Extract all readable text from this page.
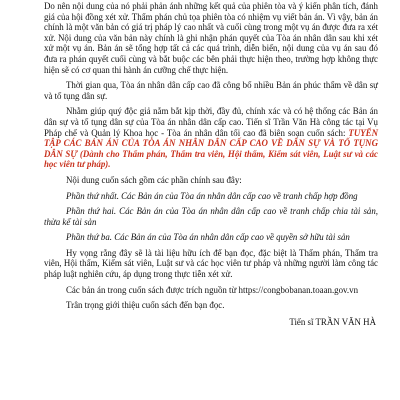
Do nên nội dung của nó phải phản ánh những kết quả của phiên tòa và ý kiến phân tích, đánh giá của hội đồng xét xử. Thẩm phán chủ tọa phiên tòa có nhiệm vụ viết bản án. Vì vậy, bản án chính là một văn bản có giá trị pháp lý cao nhất và cuối cùng trong một vụ án được đưa ra xét xử. Nội dung của văn bản này chính là ghi nhận phán quyết của Tòa án nhân dân sau khi xét xử một vụ án. Bản án sẽ tổng hợp tất cả các quá trình, diễn biến, nội dung của vụ án sau đó đưa ra phán quyết cuối cùng và bắt buộc các bên phải thực hiện theo, trường hợp không thực hiện sẽ có cơ quan thi hành án cưỡng chế thực hiện.

Thời gian qua, Tòa án nhân dân cấp cao đã công bố nhiều Bản án phúc thẩm về dân sự và tố tụng dân sự.

Nhằm giúp quý độc giả nắm bắt kịp thời, đầy đủ, chính xác và có hệ thống các Bản án dân sự và tố tụng dân sự của Tòa án nhân dân cấp cao. Tiến sĩ Trần Văn Hà công tác tại Vụ Pháp chế và Quản lý Khoa học - Tòa án nhân dân tối cao đã biên soạn cuốn sách: TUYỂN TẬP CÁC BẢN ÁN CỦA TÒA ÁN NHÂN DÂN CẤP CAO VỀ DÂN SỰ VÀ TỐ TỤNG DÂN SỰ (Dành cho Thẩm phán, Thẩm tra viên, Hội thẩm, Kiểm sát viên, Luật sư và các học viên tư pháp).

Nội dung cuốn sách gồm các phần chính sau đây:

Phần thứ nhất. Các Bản án của Tòa án nhân dân cấp cao về tranh chấp hợp đồng

Phần thứ hai. Các Bản án của Tòa án nhân dân cấp cao về tranh chấp chia tài sản, thừa kế tài sản

Phần thứ ba. Các Bản án của Tòa án nhân dân cấp cao về quyền sở hữu tài sản

Hy vọng rằng đây sẽ là tài liệu hữu ích để bạn đọc, đặc biệt là Thẩm phán, Thẩm tra viên, Hội thẩm, Kiểm sát viên, Luật sư và các học viên tư pháp và những người làm công tác pháp luật nghiên cứu, áp dụng trong thực tiễn xét xử.

Các bản án trong cuốn sách được trích nguồn từ https://congbobanan.toaan.gov.vn

Trân trọng giới thiệu cuốn sách đến bạn đọc.

Tiến sĩ TRẦN VĂN HÀ
